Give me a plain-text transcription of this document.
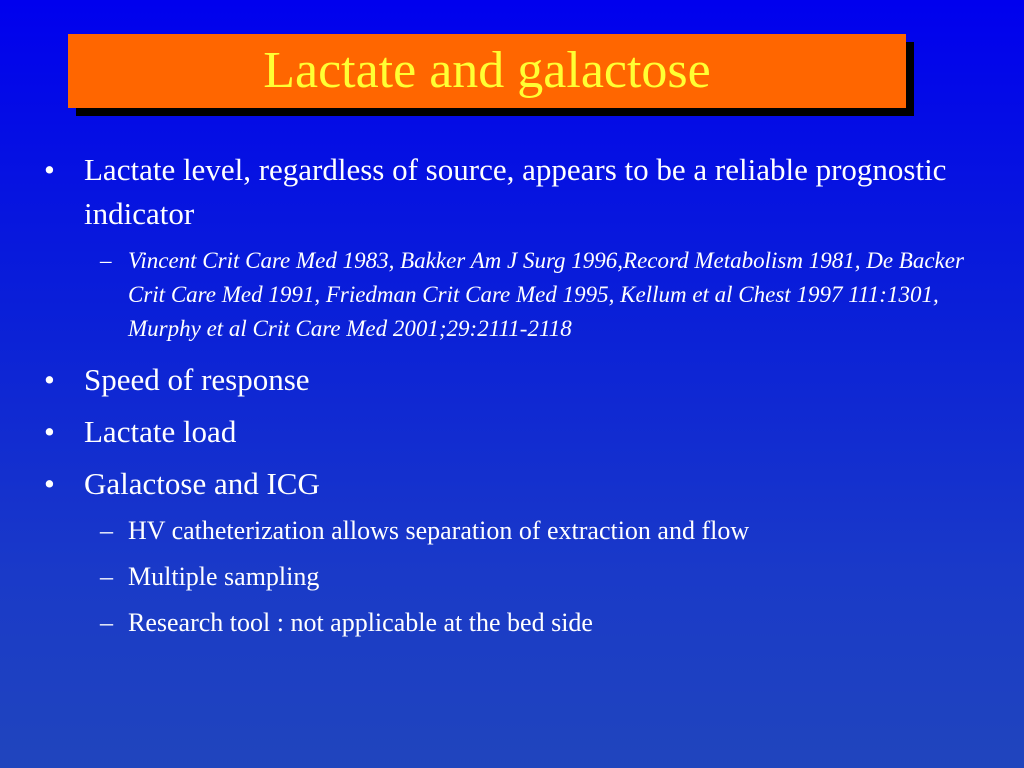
Lactate and galactose
• Lactate level, regardless of source, appears to be a reliable prognostic indicator
– Vincent Crit Care Med 1983, Bakker Am J Surg 1996,Record Metabolism 1981, De Backer Crit Care Med 1991, Friedman Crit Care Med 1995, Kellum et al Chest 1997 111:1301, Murphy et al Crit Care Med 2001;29:2111-2118
• Speed of response
• Lactate load
• Galactose and ICG
– HV catheterization allows separation of extraction and flow
– Multiple sampling
– Research tool : not applicable at the bed side
